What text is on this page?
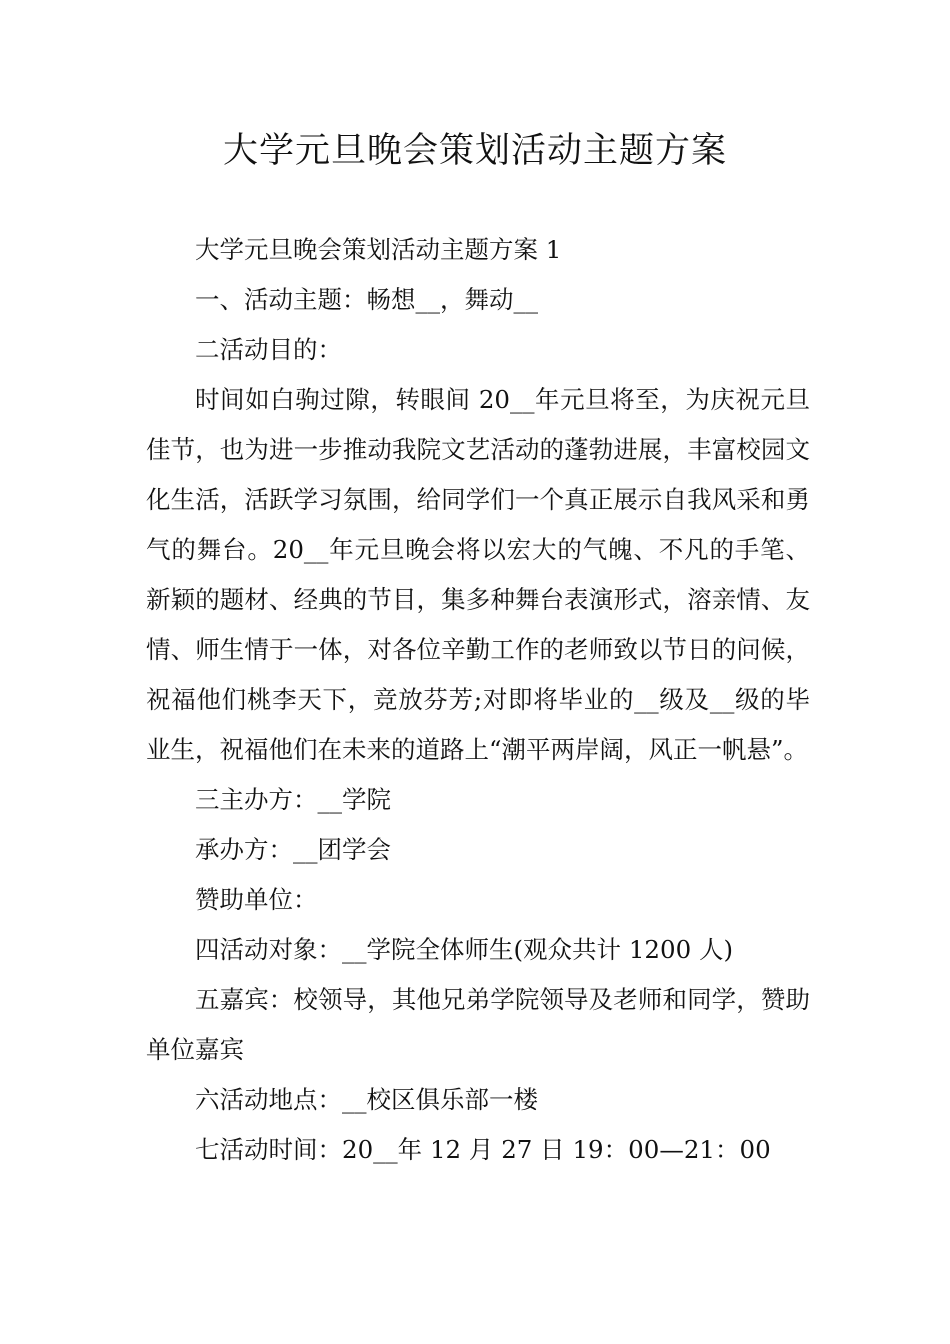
大学元旦晚会策划活动主题方案

大学元旦晚会策划活动主题方案 1

一、活动主题：畅想__，舞动__

二活动目的：

时间如白驹过隙，转眼间 20__年元旦将至，为庆祝元旦佳节，也为进一步推动我院文艺活动的蓬勃进展，丰富校园文化生活，活跃学习氛围，给同学们一个真正展示自我风采和勇气的舞台。20__年元旦晚会将以宏大的气魄、不凡的手笔、新颖的题材、经典的节目，集多种舞台表演形式，溶亲情、友情、师生情于一体，对各位辛勤工作的老师致以节日的问候，祝福他们桃李天下，竞放芬芳;对即将毕业的__级及__级的毕业生，祝福他们在未来的道路上“潮平两岸阔，风正一帆悬”。

三主办方：__学院

承办方：__团学会

赞助单位：

四活动对象：__学院全体师生(观众共计 1200 人)

五嘉宾：校领导，其他兄弟学院领导及老师和同学，赞助单位嘉宾

六活动地点：__校区俱乐部一楼

七活动时间：20__年 12 月 27 日 19：00—21：00
